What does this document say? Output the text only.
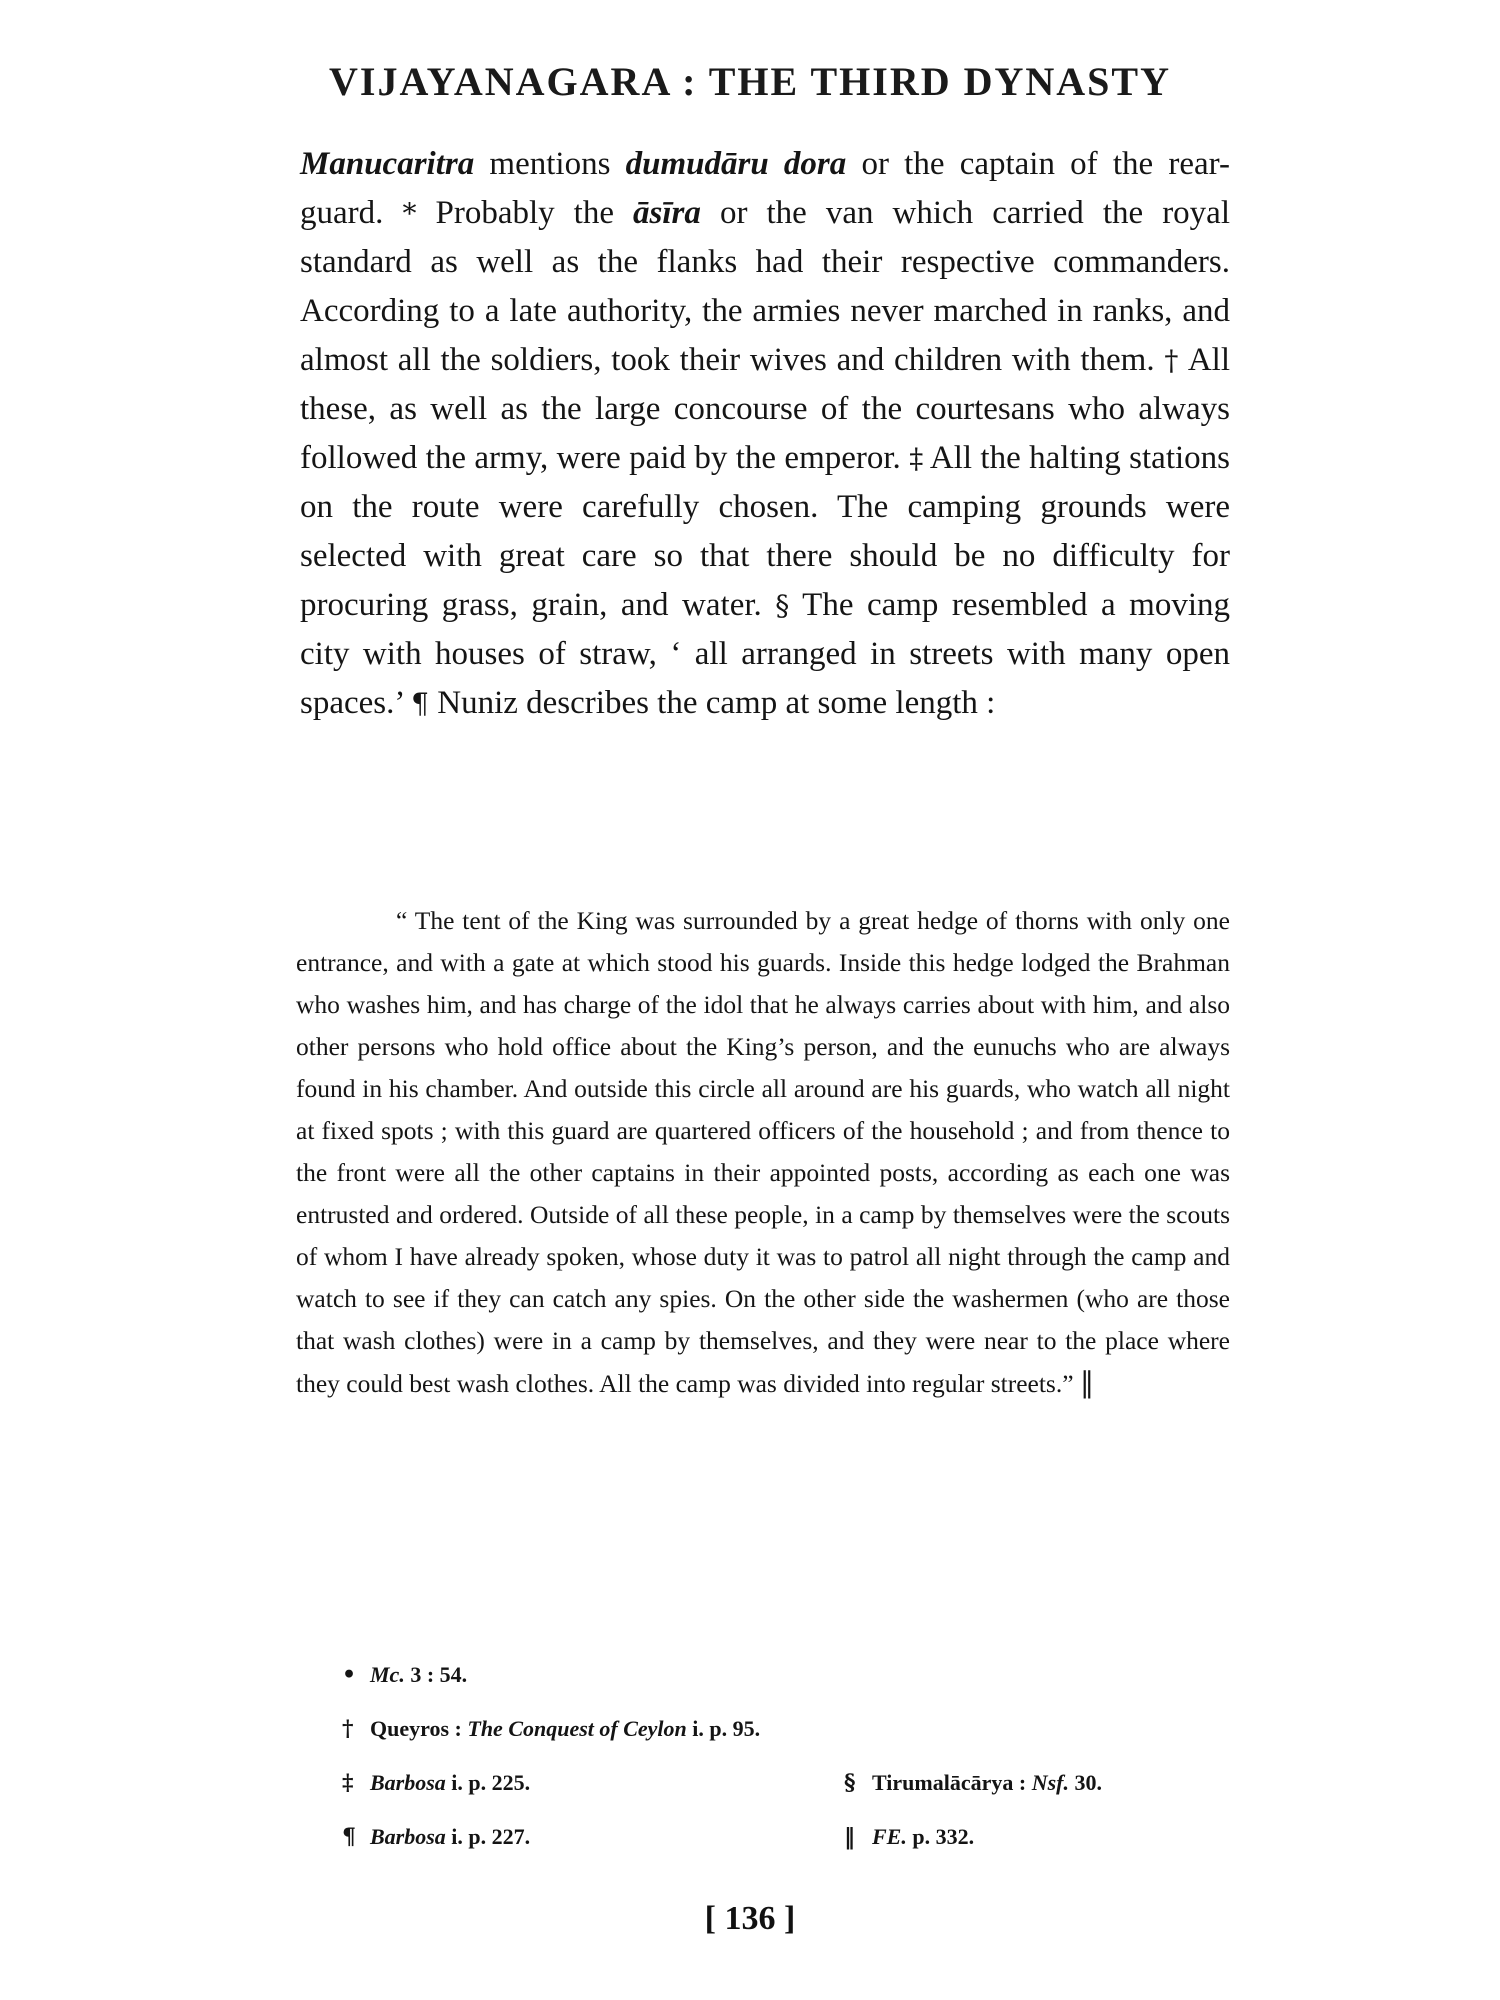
VIJAYANAGARA : THE THIRD DYNASTY
Manucaritra mentions dumudāru dora or the captain of the rear-guard. * Probably the āsīra or the van which carried the royal standard as well as the flanks had their respective commanders. According to a late authority, the armies never marched in ranks, and almost all the soldiers, took their wives and children with them. † All these, as well as the large concourse of the courtesans who always followed the army, were paid by the emperor. ‡ All the halting stations on the route were carefully chosen. The camping grounds were selected with great care so that there should be no difficulty for procuring grass, grain, and water. § The camp resembled a moving city with houses of straw, ‘ all arranged in streets with many open spaces.’ ¶ Nuniz describes the camp at some length :
“ The tent of the King was surrounded by a great hedge of thorns with only one entrance, and with a gate at which stood his guards. Inside this hedge lodged the Brahman who washes him, and has charge of the idol that he always carries about with him, and also other persons who hold office about the King’s person, and the eunuchs who are always found in his chamber. And outside this circle all around are his guards, who watch all night at fixed spots ; with this guard are quartered officers of the household ; and from thence to the front were all the other captains in their appointed posts, according as each one was entrusted and ordered. Outside of all these people, in a camp by themselves were the scouts of whom I have already spoken, whose duty it was to patrol all night through the camp and watch to see if they can catch any spies. On the other side the washermen (who are those that wash clothes) were in a camp by themselves, and they were near to the place where they could best wash clothes. All the camp was divided into regular streets.” ‖
• Mc. 3 : 54.
† Queyros : The Conquest of Ceylon i. p. 95.
‡ Barbosa i. p. 225.	§ Tirumalācārya : Nsf. 30.
¶ Barbosa i. p. 227.	‖ FE. p. 332.
[ 136 ]
